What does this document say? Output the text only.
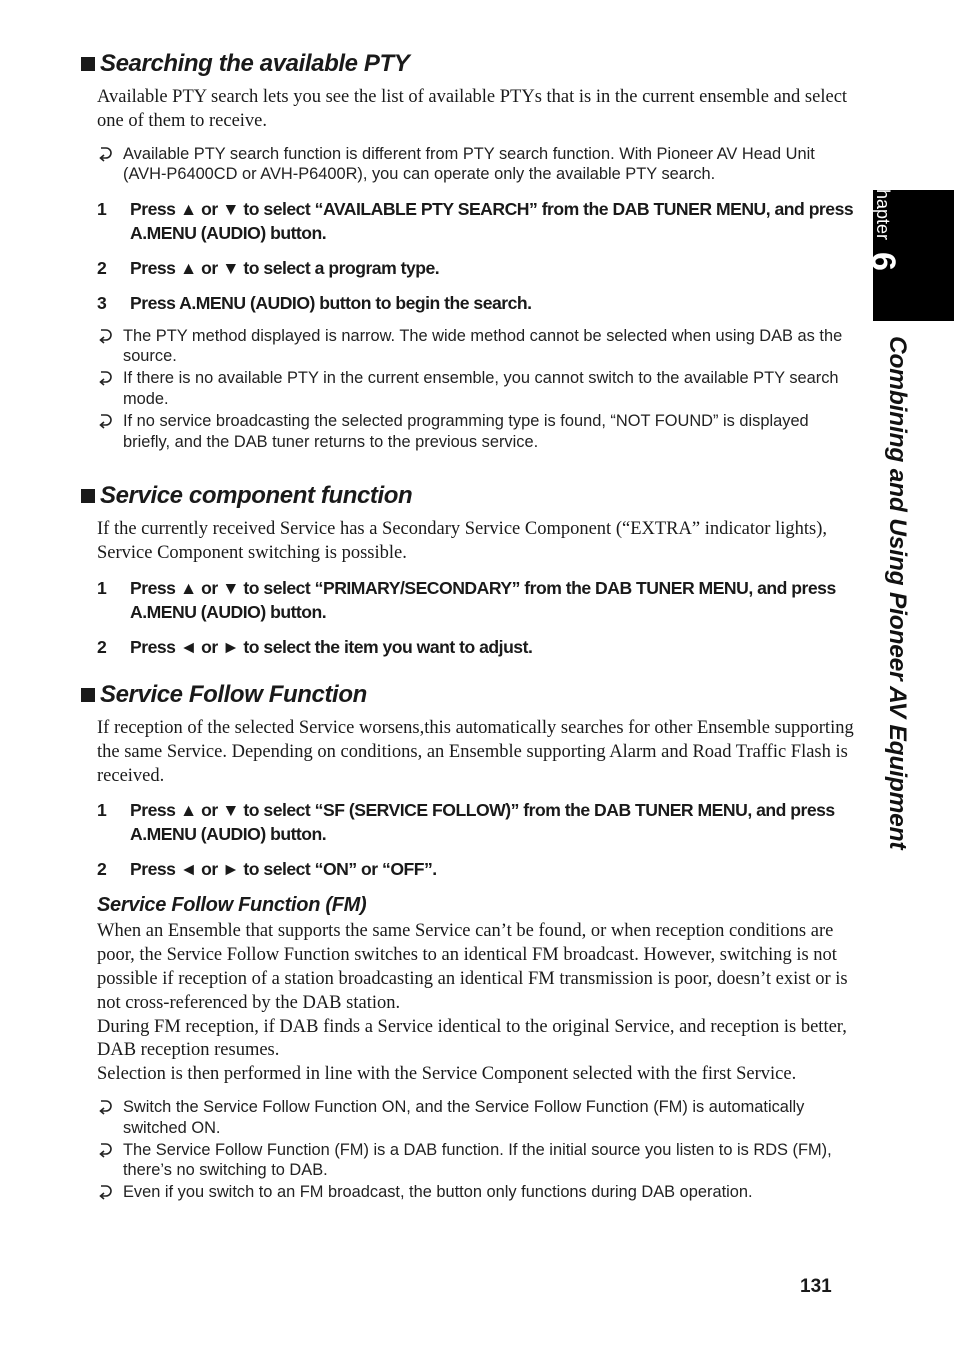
Searching the available PTY

Available PTY search lets you see the list of available PTYs that is in the current ensemble and select one of them to receive.

Available PTY search function is different from PTY search function. With Pioneer AV Head Unit (AVH-P6400CD or AVH-P6400R), you can operate only the available PTY search.
1 Press ▲ or ▼ to select “AVAILABLE PTY SEARCH” from the DAB TUNER MENU, and press A.MENU (AUDIO) button.
2 Press ▲ or ▼ to select a program type.
3 Press A.MENU (AUDIO) button to begin the search.
The PTY method displayed is narrow. The wide method cannot be selected when using DAB as the source.
If there is no available PTY in the current ensemble, you cannot switch to the available PTY search mode.
If no service broadcasting the selected programming type is found, “NOT FOUND” is displayed briefly, and the DAB tuner returns to the previous service.
Service component function

If the currently received Service has a Secondary Service Component (“EXTRA” indicator lights), Service Component switching is possible.

1 Press ▲ or ▼ to select “PRIMARY/SECONDARY” from the DAB TUNER MENU, and press A.MENU (AUDIO) button.
2 Press ◄ or ► to select the item you want to adjust.
Service Follow Function

If reception of the selected Service worsens,this automatically searches for other Ensemble supporting the same Service. Depending on conditions, an Ensemble supporting Alarm and Road Traffic Flash is received.

1 Press ▲ or ▼ to select “SF (SERVICE FOLLOW)” from the DAB TUNER MENU, and press A.MENU (AUDIO) button.
2 Press ◄ or ► to select “ON” or “OFF”.
Service Follow Function (FM)

When an Ensemble that supports the same Service can’t be found, or when reception conditions are poor, the Service Follow Function switches to an identical FM broadcast. However, switching is not possible if reception of a station broadcasting an identical FM transmission is poor, doesn’t exist or is not cross-referenced by the DAB station.

During FM reception, if DAB finds a Service identical to the original Service, and reception is better, DAB reception resumes.

Selection is then performed in line with the Service Component selected with the first Service.

Switch the Service Follow Function ON, and the Service Follow Function (FM) is automatically switched ON.
The Service Follow Function (FM) is a DAB function. If the initial source you listen to is RDS (FM), there’s no switching to DAB.
Even if you switch to an FM broadcast, the button only functions during DAB operation.
Chapter
6
Combining and Using Pioneer AV Equipment
131
